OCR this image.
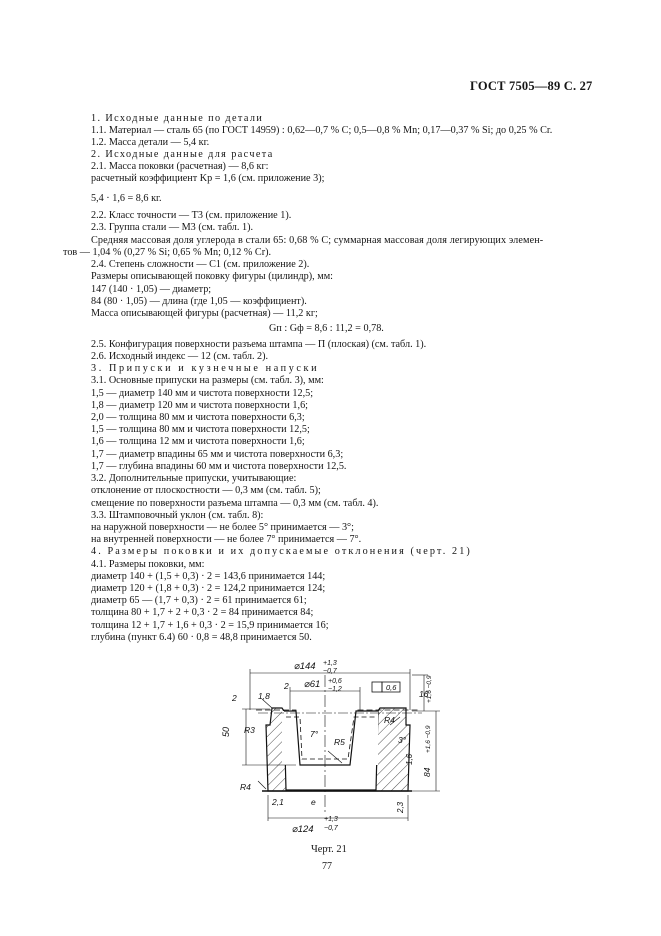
ГОСТ 7505—89 С. 27
1. Исходные данные по детали
1.1. Материал — сталь 65 (по ГОСТ 14959) : 0,62—0,7 % С; 0,5—0,8 % Mn; 0,17—0,37 % Si; до 0,25 % Сr.
1.2. Масса детали — 5,4 кг.
2. Исходные данные для расчета
2.1. Масса поковки (расчетная) — 8,6 кг:
расчетный коэффициент Kр = 1,6 (см. приложение 3);
5,4 · 1,6 = 8,6 кг.
2.2. Класс точности — Т3 (см. приложение 1).
2.3. Группа стали — М3 (см. табл. 1).
Средняя массовая доля углерода в стали 65: 0,68 % С; суммарная массовая доля легирующих элемен-
тов — 1,04 % (0,27 % Si; 0,65 % Mn; 0,12 % Сr).
2.4. Степень сложности — С1 (см. приложение 2).
Размеры описывающей поковку фигуры (цилиндр), мм:
147 (140 · 1,05) — диаметр;
84 (80 · 1,05) — длина (где 1,05 — коэффициент).
Масса описывающей фигуры (расчетная) — 11,2 кг;
Gп : Gф = 8,6 : 11,2 = 0,78.
2.5. Конфигурация поверхности разъема штампа — П (плоская) (см. табл. 1).
2.6. Исходный индекс — 12 (см. табл. 2).
3. Припуски и кузнечные напуски
3.1. Основные припуски на размеры (см. табл. 3), мм:
1,5 — диаметр 140 мм и чистота поверхности 12,5;
1,8 — диаметр 120 мм и чистота поверхности 1,6;
2,0 — толщина 80 мм и чистота поверхности 6,3;
1,5 — толщина 80 мм и чистота поверхности 12,5;
1,6 — толщина 12 мм и чистота поверхности 1,6;
1,7 — диаметр впадины 65 мм и чистота поверхности 6,3;
1,7 — глубина впадины 60 мм и чистота поверхности 12,5.
3.2. Дополнительные припуски, учитывающие:
отклонение от плоскостности — 0,3 мм (см. табл. 5);
смещение по поверхности разъема штампа — 0,3 мм (см. табл. 4).
3.3. Штамповочный уклон (см. табл. 8):
на наружной поверхности — не более 5° принимается — 3°;
на внутренней поверхности — не более 7° принимается — 7°.
4. Размеры поковки и их допускаемые отклонения (черт. 21)
4.1. Размеры поковки, мм:
диаметр 140 + (1,5 + 0,3) · 2 = 143,6 принимается 144;
диаметр 120 + (1,8 + 0,3) · 2 = 124,2 принимается 124;
диаметр 65 — (1,7 + 0,3) · 2 = 61 принимается 61;
толщина 80 + 1,7 + 2 + 0,3 · 2 = 84 принимается 84;
толщина 12 + 1,7 + 1,6 + 0,3 · 2 = 15,9 принимается 16;
глубина (пункт 6.4) 60 · 0,8 = 48,8 принимается 50.
⌀144 +1,3
−0,7
⌀61 +0,6
−1,2
⌀124
+1,3
−0,7
0,6
16
+1,6 −0,9
84
+1,6 −0,9
50
1,8
2
2
2,1	2,3
1,6
e
R3
R4
R4
R5
7°
3°
Черт. 21
77
